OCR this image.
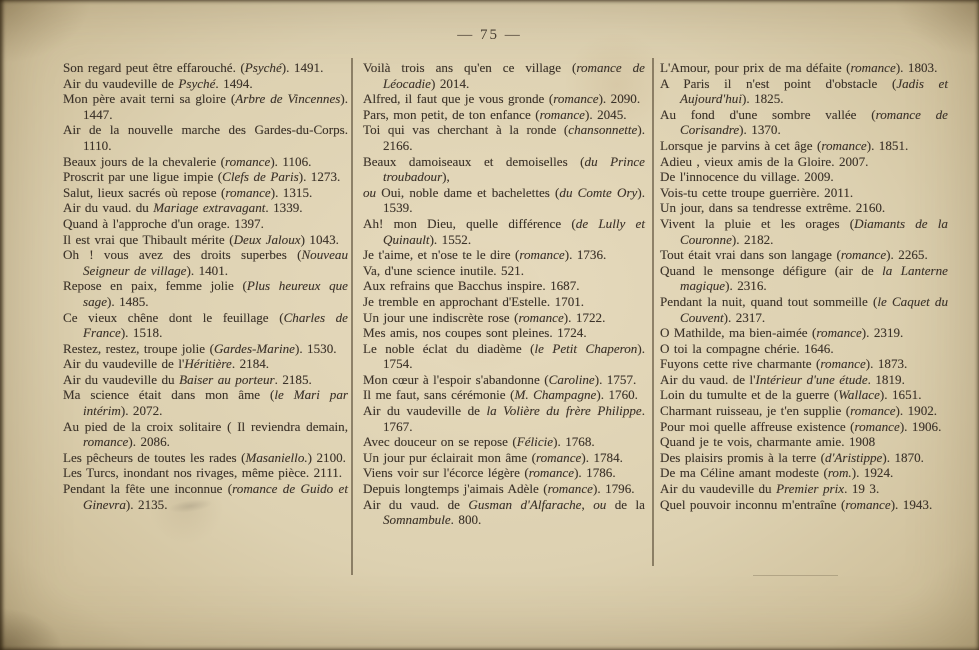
— 75 —

Son regard peut être effarouché. (Psyché). 1491.

Air du vaudeville de Psyché. 1494.

Mon père avait terni sa gloire (Arbre de Vincennes). 1447.

Air de la nouvelle marche des Gardes-du-Corps. 1110.

Beaux jours de la chevalerie (romance). 1106.

Proscrit par une ligue impie (Clefs de Paris). 1273.

Salut, lieux sacrés où repose (romance). 1315.

Air du vaud. du Mariage extravagant. 1339.

Quand à l'approche d'un orage. 1397.

Il est vrai que Thibault mérite (Deux Jaloux) 1043.

Oh ! vous avez des droits superbes (Nouveau Seigneur de village). 1401.

Repose en paix, femme jolie (Plus heureux que sage). 1485.

Ce vieux chêne dont le feuillage (Charles de France). 1518.

Restez, restez, troupe jolie (Gardes-Marine). 1530.

Air du vaudeville de l'Héritière. 2184.

Air du vaudeville du Baiser au porteur. 2185.

Ma science était dans mon âme (le Mari par intérim). 2072.

Au pied de la croix solitaire ( Il reviendra demain, romance). 2086.

Les pêcheurs de toutes les rades (Masaniello.) 2100.

Les Turcs, inondant nos rivages, même pièce. 2111.

Pendant la fête une inconnue (romance de Guido et Ginevra). 2135.

Voilà trois ans qu'en ce village (romance de Léocadie) 2014.

Alfred, il faut que je vous gronde (romance). 2090.

Pars, mon petit, de ton enfance (romance). 2045.

Toi qui vas cherchant à la ronde (chansonnette). 2166.

Beaux damoiseaux et demoiselles (du Prince troubadour),

ou Oui, noble dame et bachelettes (du Comte Ory). 1539.

Ah! mon Dieu, quelle différence (de Lully et Quinault). 1552.

Je t'aime, et n'ose te le dire (romance). 1736.

Va, d'une science inutile. 521.

Aux refrains que Bacchus inspire. 1687.

Je tremble en approchant d'Estelle. 1701.

Un jour une indiscrète rose (romance). 1722.

Mes amis, nos coupes sont pleines. 1724.

Le noble éclat du diadème (le Petit Chaperon). 1754.

Mon cœur à l'espoir s'abandonne (Caroline). 1757.

Il me faut, sans cérémonie (M. Champagne). 1760.

Air du vaudeville de la Volière du frère Philippe. 1767.

Avec douceur on se repose (Félicie). 1768.

Un jour pur éclairait mon âme (romance). 1784.

Viens voir sur l'écorce légère (romance). 1786.

Depuis longtemps j'aimais Adèle (romance). 1796.

Air du vaud. de Gusman d'Alfarache, ou de la Somnambule. 800.

L'Amour, pour prix de ma défaite (romance). 1803.

A Paris il n'est point d'obstacle (Jadis et Aujourd'hui). 1825.

Au fond d'une sombre vallée (romance de Corisandre). 1370.

Lorsque je parvins à cet âge (romance). 1851.

Adieu , vieux amis de la Gloire. 2007.

De l'innocence du village. 2009.

Vois-tu cette troupe guerrière. 2011.

Un jour, dans sa tendresse extrême. 2160.

Vivent la pluie et les orages (Diamants de la Couronne). 2182.

Tout était vrai dans son langage (romance). 2265.

Quand le mensonge défigure (air de la Lanterne magique). 2316.

Pendant la nuit, quand tout sommeille (le Caquet du Couvent). 2317.

O Mathilde, ma bien-aimée (romance). 2319.

O toi la compagne chérie. 1646.

Fuyons cette rive charmante (romance). 1873.

Air du vaud. de l'Intérieur d'une étude. 1819.

Loin du tumulte et de la guerre (Wallace). 1651.

Charmant ruisseau, je t'en supplie (romance). 1902.

Pour moi quelle affreuse existence (romance). 1906.

Quand je te vois, charmante amie. 1908

Des plaisirs promis à la terre (d'Aristippe). 1870.

De ma Céline amant modeste (rom.). 1924.

Air du vaudeville du Premier prix. 19 3.

Quel pouvoir inconnu m'entraîne (romance). 1943.
